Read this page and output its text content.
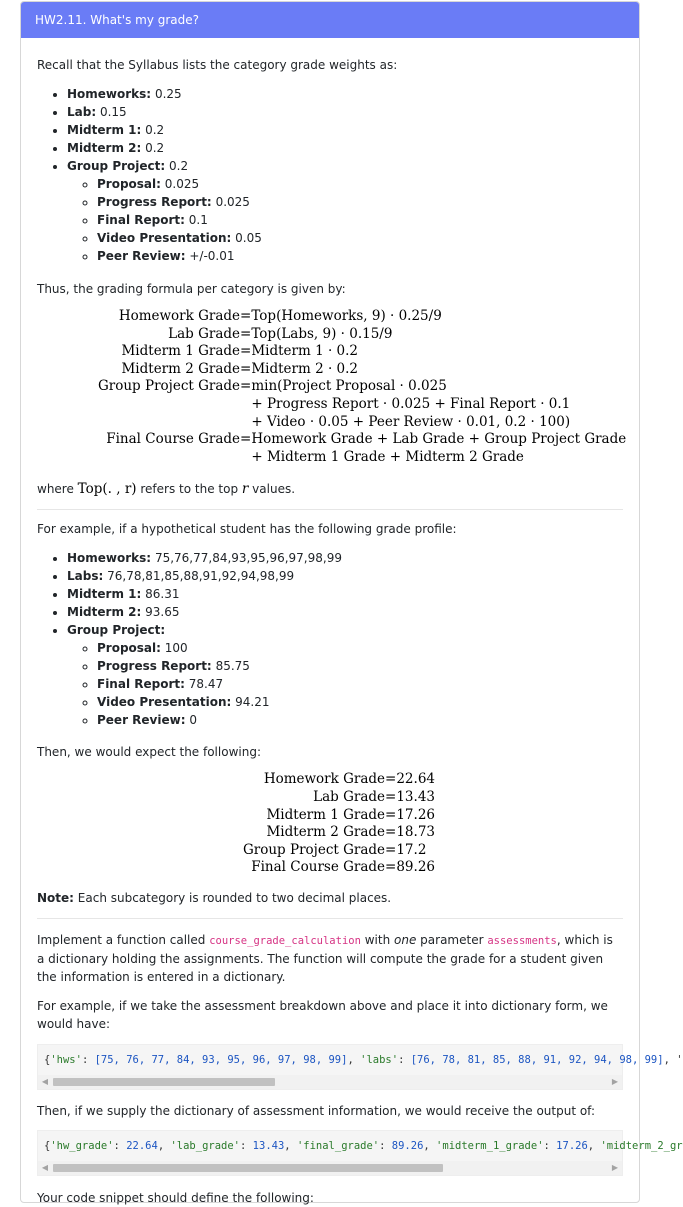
HW2.11. What's my grade?

Recall that the Syllabus lists the category grade weights as:

• Homeworks: 0.25
• Lab: 0.15
• Midterm 1: 0.2
• Midterm 2: 0.2
• Group Project: 0.2
◦ Proposal: 0.025
◦ Progress Report: 0.025
◦ Final Report: 0.1
◦ Video Presentation: 0.05
◦ Peer Review: +/-0.01

Thus, the grading formula per category is given by:

Homework Grade	=	Top(Homeworks, 9) · 0.25/9
Lab Grade	=	Top(Labs, 9) · 0.15/9
Midterm 1 Grade	=	Midterm 1 · 0.2
Midterm 2 Grade	=	Midterm 2 · 0.2
Group Project Grade	=	min(Project Proposal · 0.025
		+ Progress Report · 0.025 + Final Report · 0.1
		+ Video · 0.05 + Peer Review · 0.01, 0.2 · 100)
Final Course Grade	=	Homework Grade + Lab Grade + Group Project Grade
		+ Midterm 1 Grade + Midterm 2 Grade

where Top(. , r) refers to the top r values.

For example, if a hypothetical student has the following grade profile:

• Homeworks: 75,76,77,84,93,95,96,97,98,99
• Labs: 76,78,81,85,88,91,92,94,98,99
• Midterm 1: 86.31
• Midterm 2: 93.65
• Group Project:
◦ Proposal: 100
◦ Progress Report: 85.75
◦ Final Report: 78.47
◦ Video Presentation: 94.21
◦ Peer Review: 0

Then, we would expect the following:

Homework Grade	=	22.64
Lab Grade	=	13.43
Midterm 1 Grade	=	17.26
Midterm 2 Grade	=	18.73
Group Project Grade	=	17.2
Final Course Grade	=	89.26

Note: Each subcategory is rounded to two decimal places.

Implement a function called course_grade_calculation with one parameter assessments, which is a dictionary holding the assignments. The function will compute the grade for a student given the information is entered in a dictionary.

For example, if we take the assessment breakdown above and place it into dictionary form, we would have:

{'hws': [75, 76, 77, 84, 93, 95, 96, 97, 98, 99], 'labs': [76, 78, 81, 85, 88, 91, 92, 94, 98, 99], '
◀	▶

Then, if we supply the dictionary of assessment information, we would receive the output of:

{'hw_grade': 22.64, 'lab_grade': 13.43, 'final_grade': 89.26, 'midterm_1_grade': 17.26, 'midterm_2_gr
◀	▶

Your code snippet should define the following:
